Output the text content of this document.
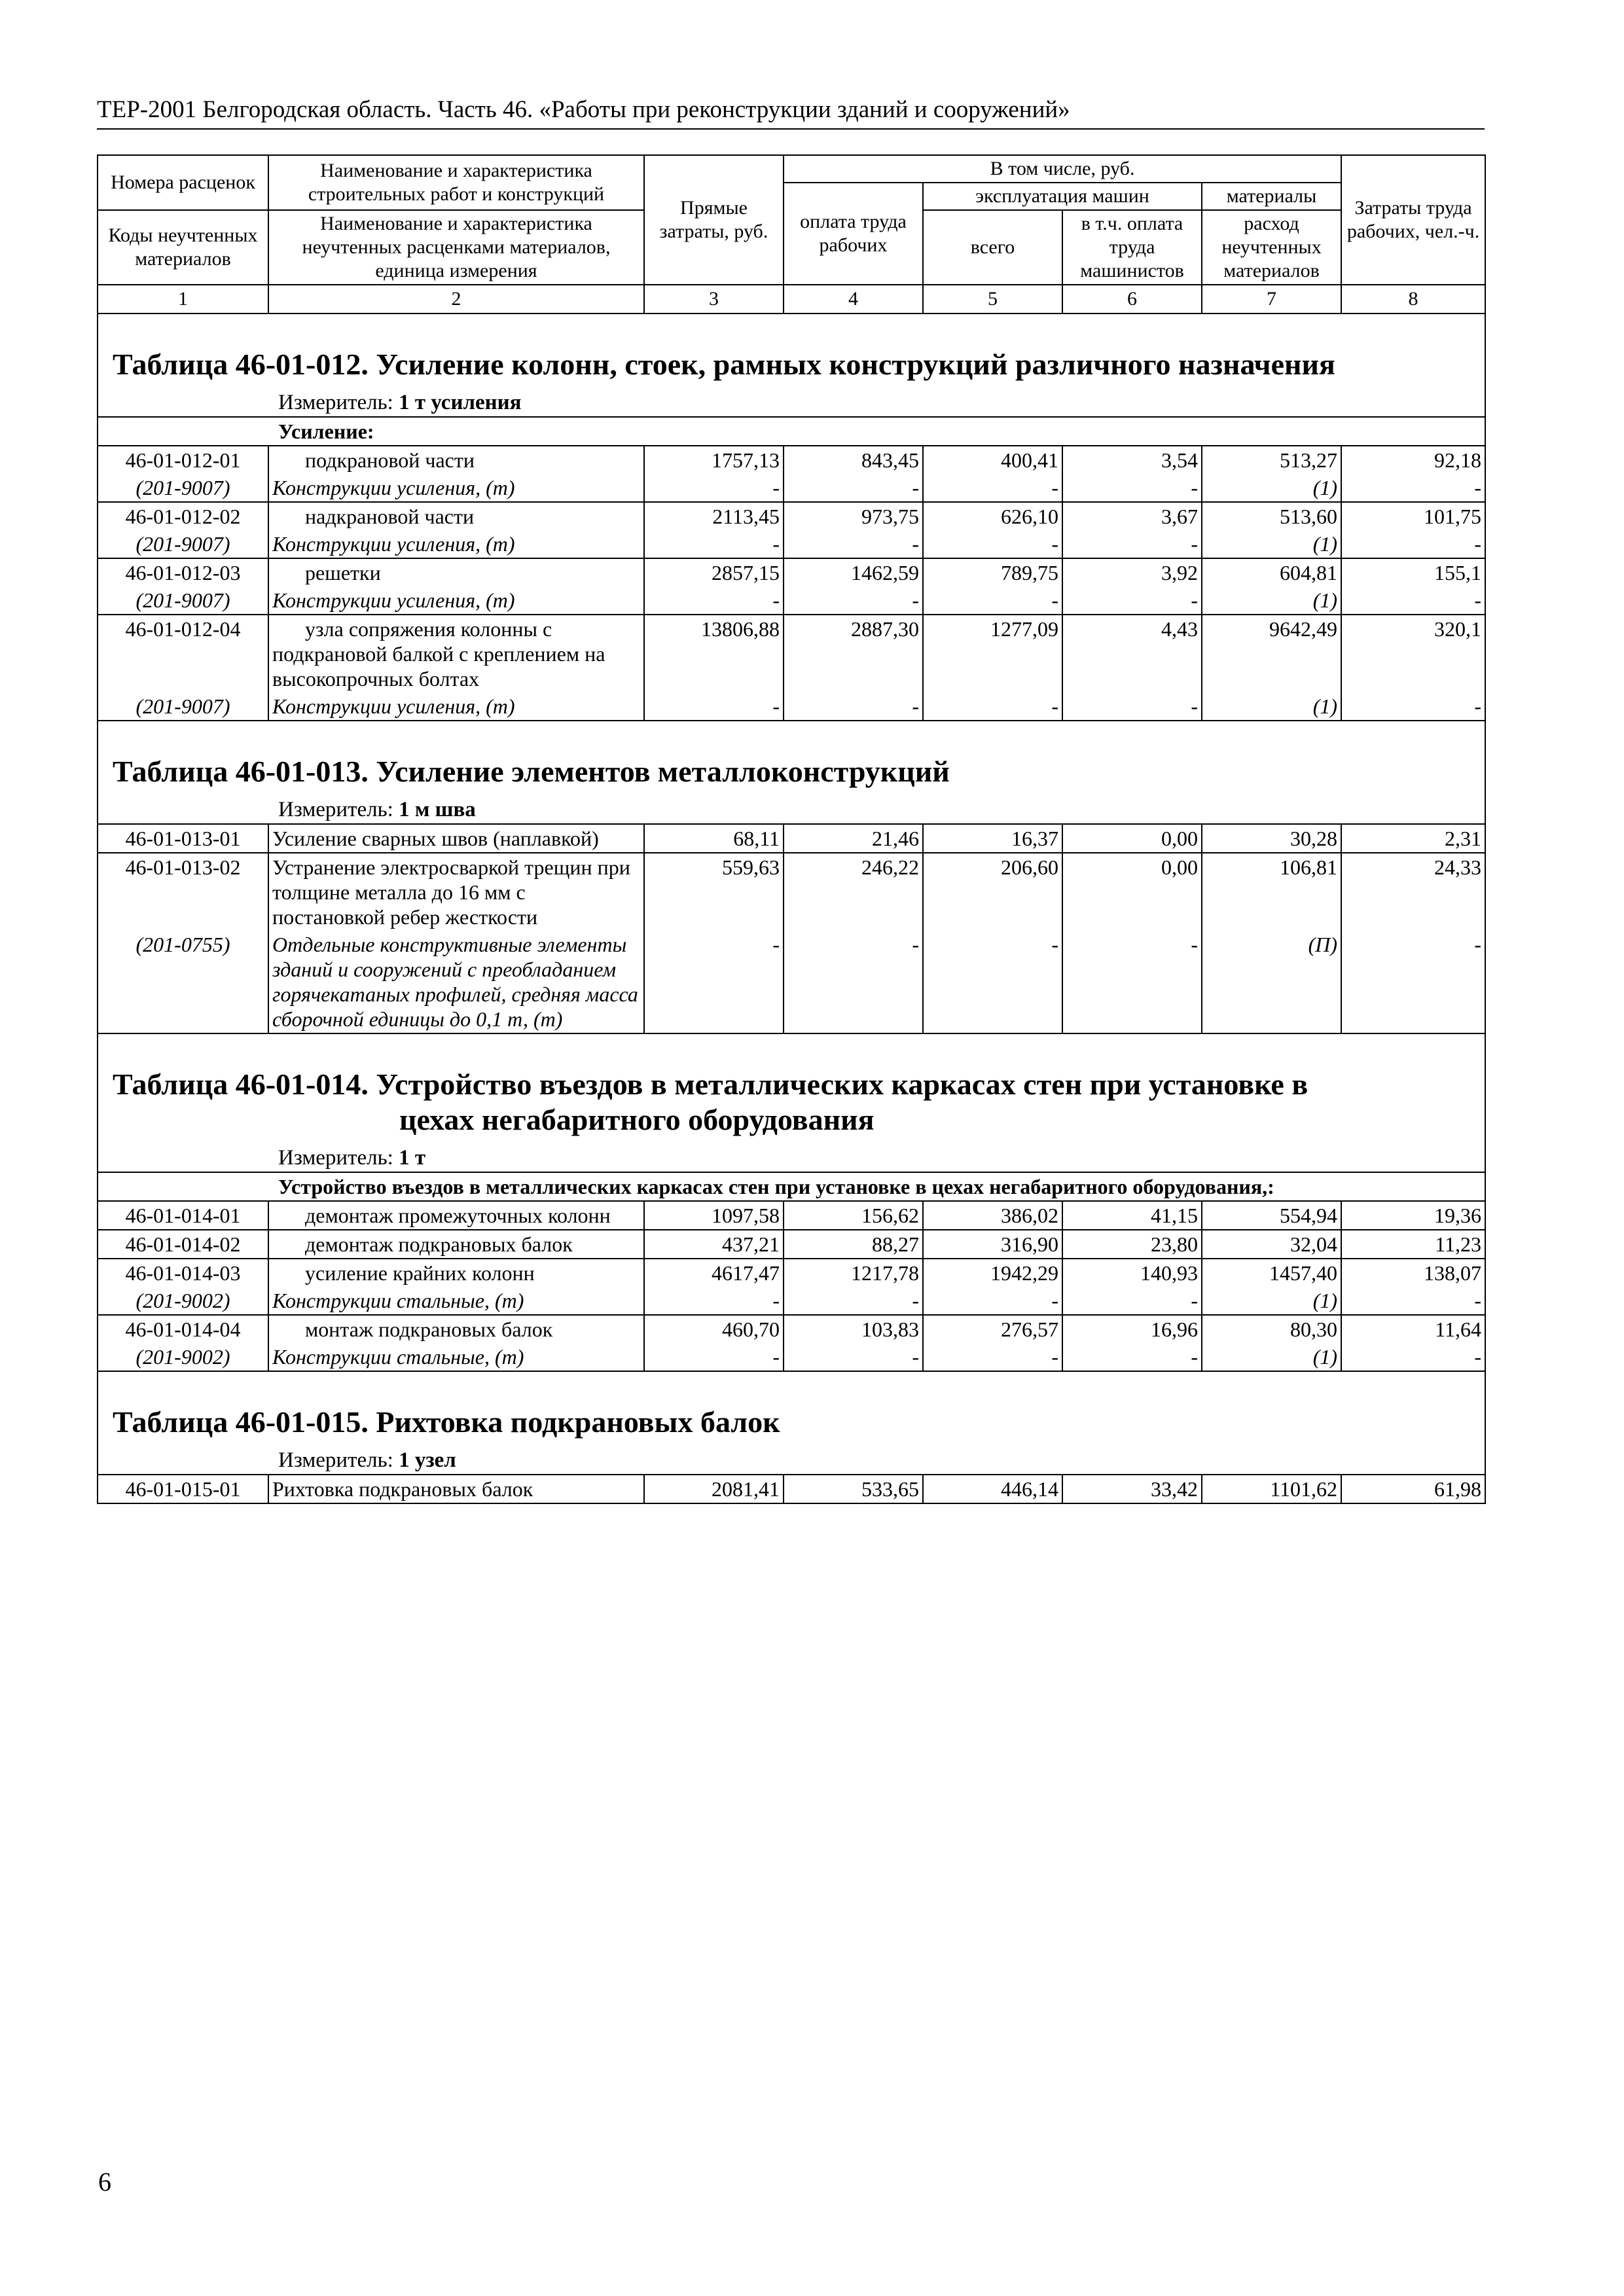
ТЕР-2001 Белгородская область. Часть 46. «Работы при реконструкции зданий и сооружений»
Номера расценок	Наименование и характеристика строительных работ и конструкций	Прямые затраты, руб.	В том числе, руб.				Затраты труда рабочих, чел.-ч.
			оплата труда рабочих	эксплуатация машин		материалы	
Коды неучтенных материалов	Наименование и характеристика неучтенных расценками материалов, единица измерения			всего	в т.ч. оплата труда машинистов	расход неучтенных материалов	

1	2	3	4	5	6	7	8
Таблица 46-01-012. Усиление колонн, стоек, рамных конструкций различного назначения							
Измеритель: 1 т усиления							
Усиление:							
46-01-012-01	подкрановой части	1757,13	843,45	400,41	3,54	513,27	92,18
(201-9007)	Конструкции усиления, (т)	-	-	-	-	(1)	-
46-01-012-02	надкрановой части	2113,45	973,75	626,10	3,67	513,60	101,75
(201-9007)	Конструкции усиления, (т)	-	-	-	-	(1)	-
46-01-012-03	решетки	2857,15	1462,59	789,75	3,92	604,81	155,1
(201-9007)	Конструкции усиления, (т)	-	-	-	-	(1)	-
46-01-012-04	узла сопряжения колонны с подкрановой балкой с креплением на высокопрочных болтах	13806,88	2887,30	1277,09	4,43	9642,49	320,1
(201-9007)	Конструкции усиления, (т)	-	-	-	-	(1)	-
Таблица 46-01-013. Усиление элементов металлоконструкций							
Измеритель: 1 м шва							
46-01-013-01	Усиление сварных швов (наплавкой)	68,11	21,46	16,37	0,00	30,28	2,31
46-01-013-02	Устранение электросваркой трещин при толщине металла до 16 мм с постановкой ребер жесткости	559,63	246,22	206,60	0,00	106,81	24,33
(201-0755)	Отдельные конструктивные элементы зданий и сооружений с преобладанием горячекатаных профилей, средняя масса сборочной единицы до 0,1 т, (т)	-	-	-	-	(П)	-

Таблица 46-01-014. Устройство въездов в металлических каркасах стен при установке в
цехах негабаритного оборудования							

Измеритель: 1 т							
Устройство въездов в металлических каркасах стен при установке в цехах негабаритного оборудования,:							
46-01-014-01	демонтаж промежуточных колонн	1097,58	156,62	386,02	41,15	554,94	19,36
46-01-014-02	демонтаж подкрановых балок	437,21	88,27	316,90	23,80	32,04	11,23
46-01-014-03	усиление крайних колонн	4617,47	1217,78	1942,29	140,93	1457,40	138,07
(201-9002)	Конструкции стальные, (т)	-	-	-	-	(1)	-
46-01-014-04	монтаж подкрановых балок	460,70	103,83	276,57	16,96	80,30	11,64
(201-9002)	Конструкции стальные, (т)	-	-	-	-	(1)	-
Таблица 46-01-015. Рихтовка подкрановых балок							
Измеритель: 1 узел							
46-01-015-01	Рихтовка подкрановых балок	2081,41	533,65	446,14	33,42	1101,62	61,98
6
